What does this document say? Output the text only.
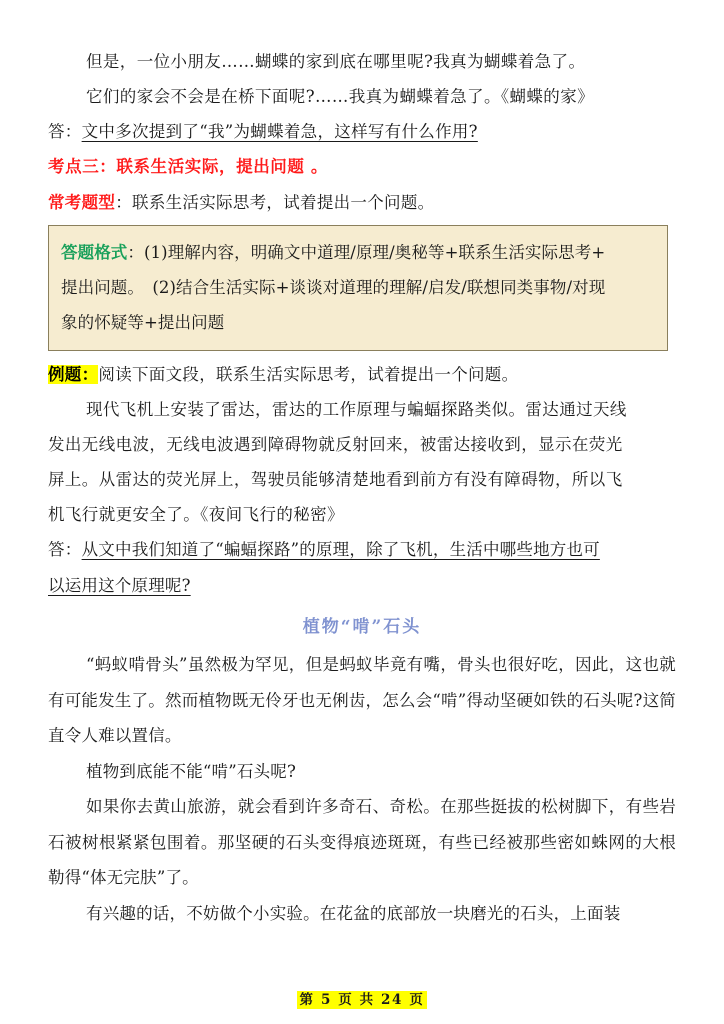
但是，一位小朋友……蝴蝶的家到底在哪里呢?我真为蝴蝶着急了。
它们的家会不会是在桥下面呢?……我真为蝴蝶着急了。《蝴蝶的家》
答：文中多次提到了“我”为蝴蝶着急，这样写有什么作用?
考点三：联系生活实际，提出问题 。
常考题型：联系生活实际思考，试着提出一个问题。
答题格式：(1)理解内容，明确文中道理/原理/奥秘等+联系生活实际思考+
提出问题。　(2)结合生活实际+谈谈对道理的理解/启发/联想同类事物/对现
象的怀疑等+提出问题
例题：阅读下面文段，联系生活实际思考，试着提出一个问题。
现代飞机上安装了雷达，雷达的工作原理与蝙蝠探路类似。雷达通过天线
发出无线电波，无线电波遇到障碍物就反射回来，被雷达接收到，显示在荧光
屏上。从雷达的荧光屏上，驾驶员能够清楚地看到前方有没有障碍物，所以飞
机飞行就更安全了。《夜间飞行的秘密》
答：从文中我们知道了“蝙蝠探路”的原理，除了飞机，生活中哪些地方也可
以运用这个原理呢?
植物“啃”石头
“蚂蚁啃骨头”虽然极为罕见，但是蚂蚁毕竟有嘴，骨头也很好吃，因此，这也就有可能发生了。然而植物既无伶牙也无俐齿，怎么会“啃”得动坚硬如铁的石头呢?这简直令人难以置信。
植物到底能不能“啃”石头呢?
如果你去黄山旅游，就会看到许多奇石、奇松。在那些挺拔的松树脚下，有些岩石被树根紧紧包围着。那坚硬的石头变得痕迹斑斑，有些已经被那些密如蛛网的大根勒得“体无完肤”了。
有兴趣的话，不妨做个小实验。在花盆的底部放一块磨光的石头，上面装
第 5 页 共 24 页
